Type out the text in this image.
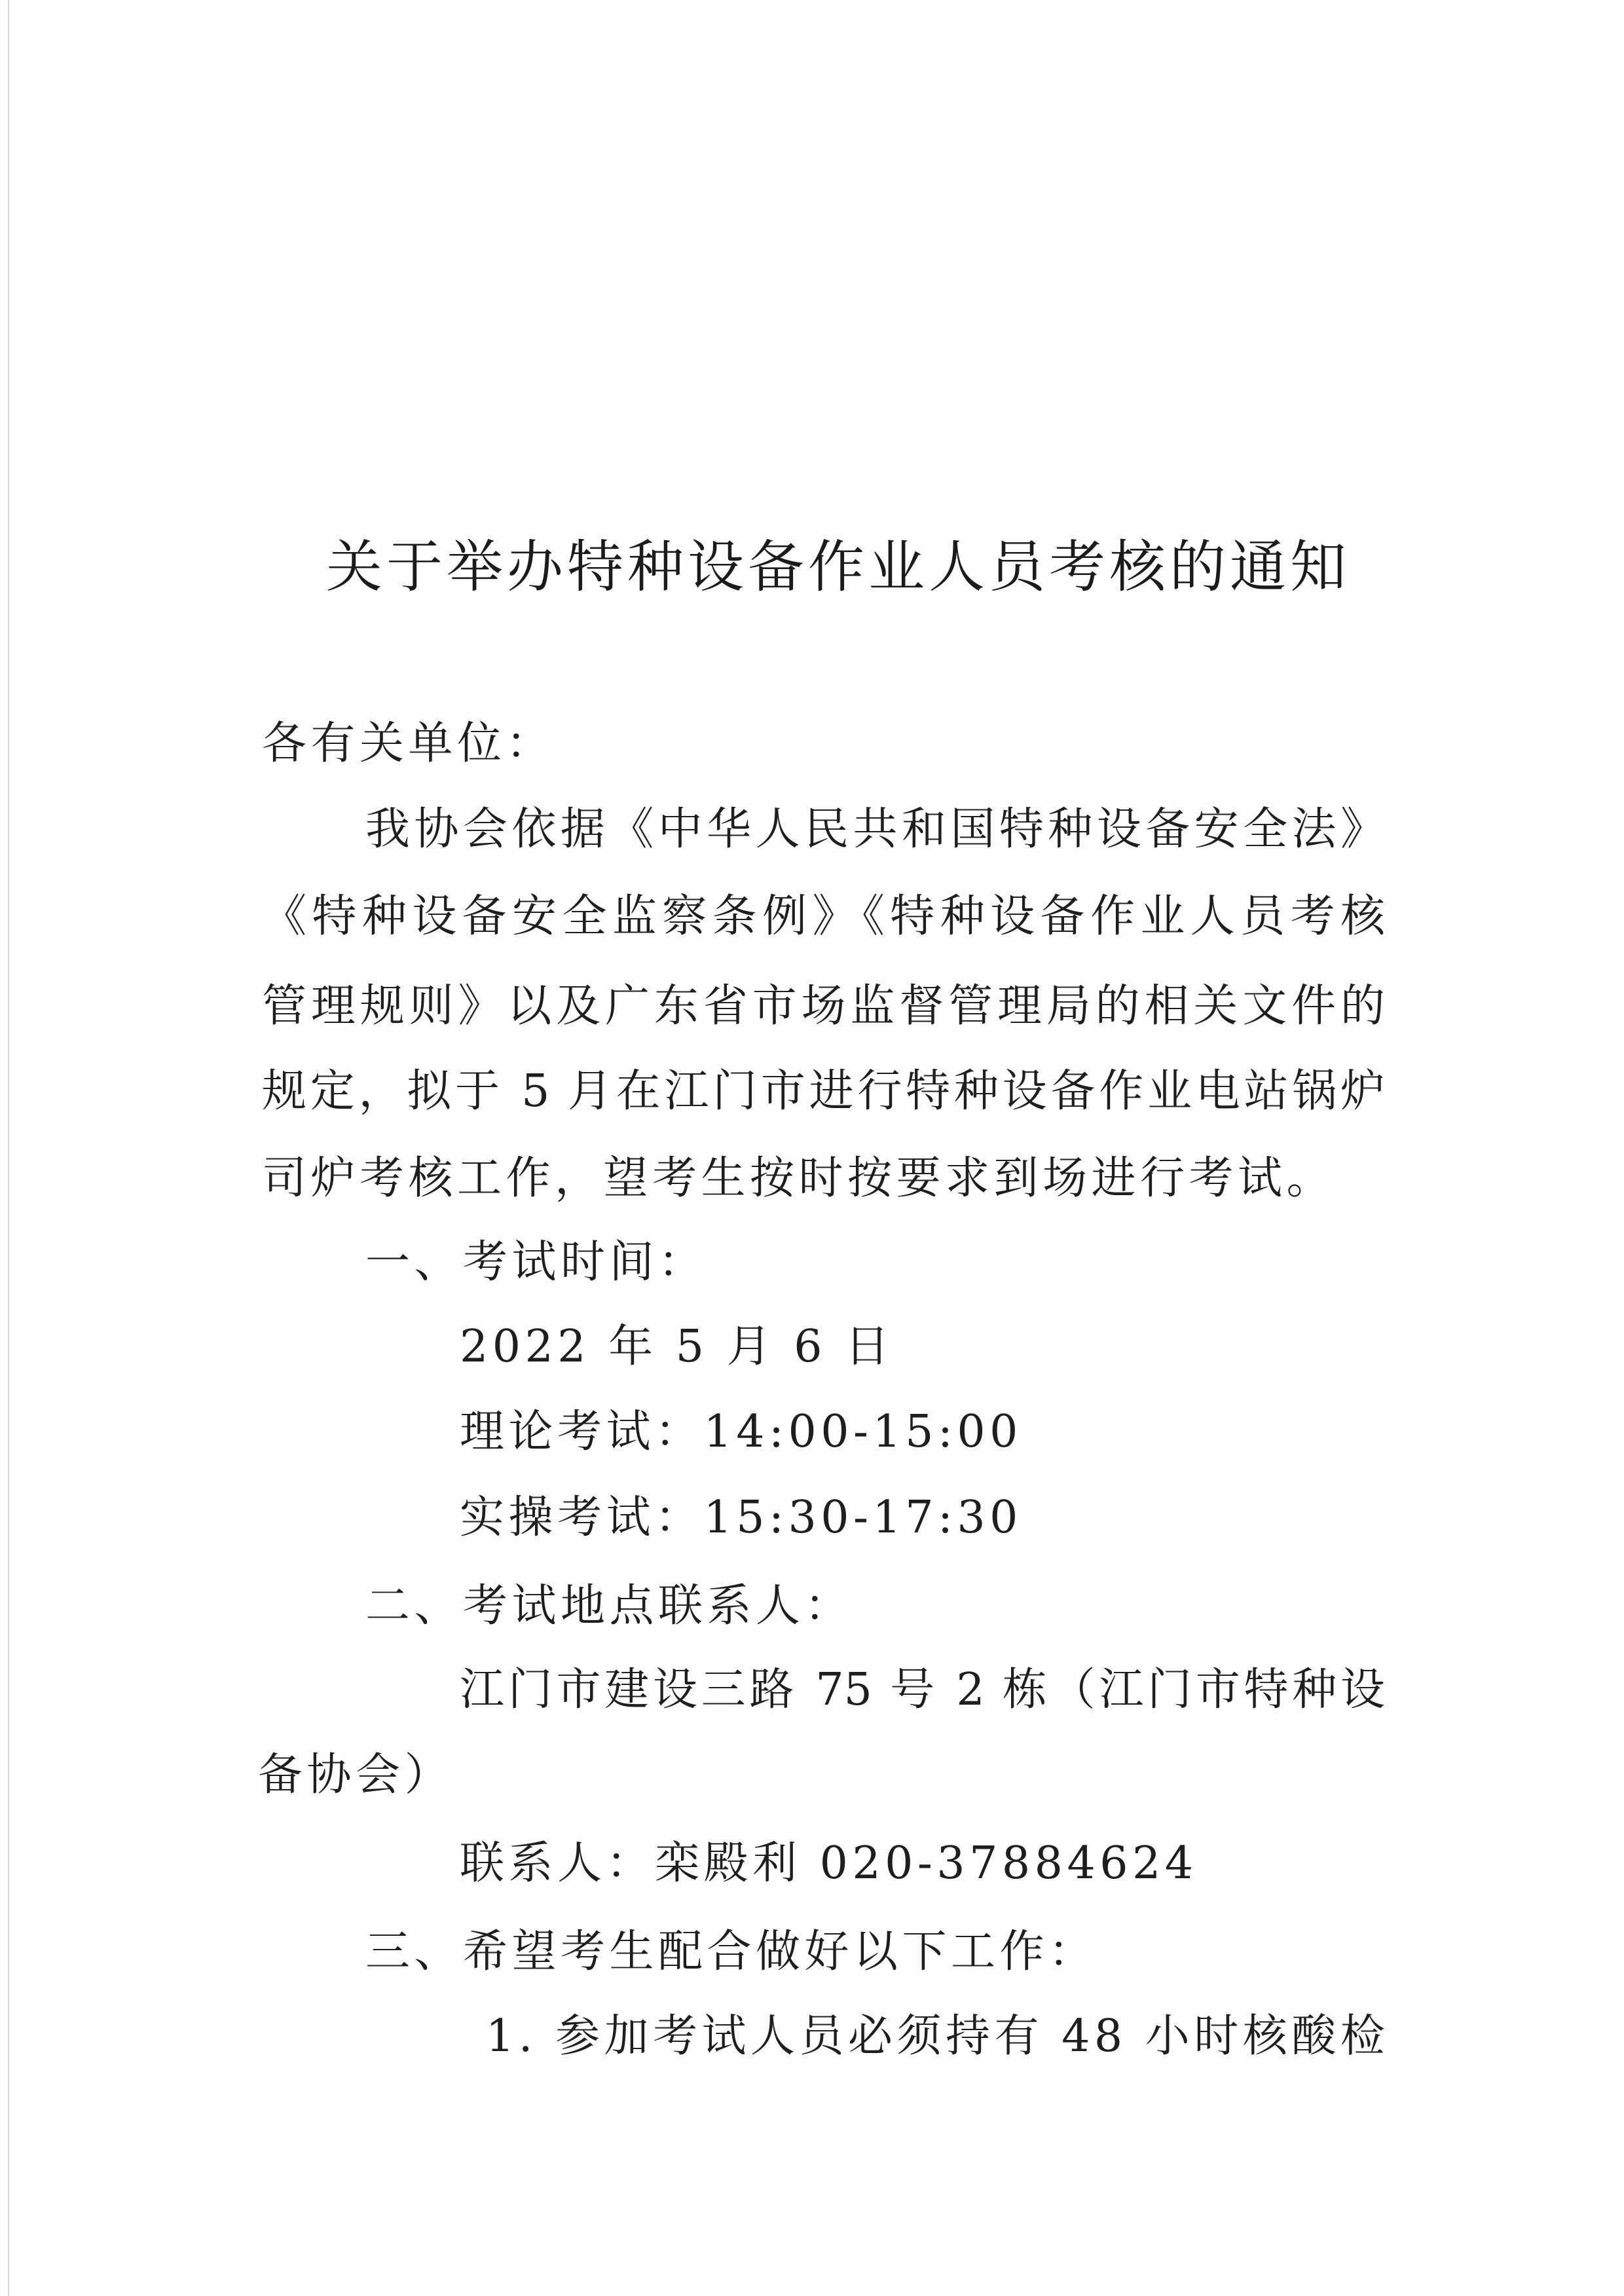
关于举办特种设备作业人员考核的通知
各有关单位：
我协会依据《中华人民共和国特种设备安全法》
《特种设备安全监察条例》《特种设备作业人员考核
管理规则》以及广东省市场监督管理局的相关文件的
规定，拟于 5 月在江门市进行特种设备作业电站锅炉
司炉考核工作，望考生按时按要求到场进行考试。
一、考试时间：
2022 年 5 月 6 日
理论考试：14:00-15:00
实操考试：15:30-17:30
二、考试地点联系人：
江门市建设三路 75 号 2 栋（江门市特种设
备协会）
联系人：栾殿利 020-37884624
三、希望考生配合做好以下工作：
1. 参加考试人员必须持有 48 小时核酸检
